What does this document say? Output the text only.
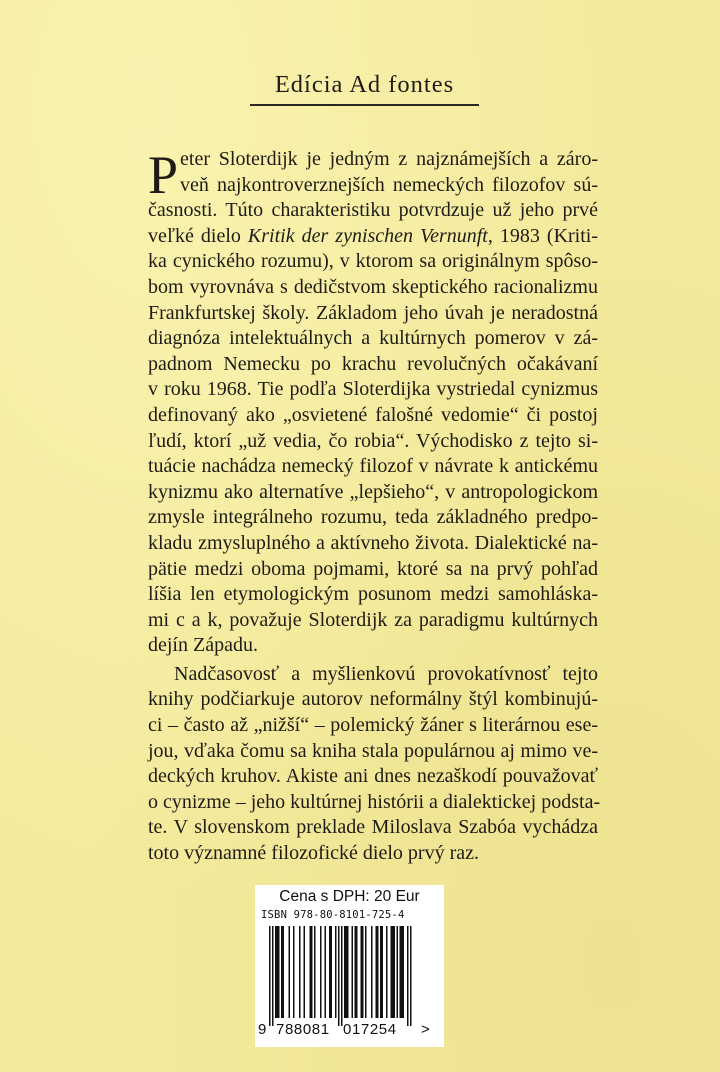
Edícia Ad fontes
P eter Sloterdijk je jedným z najznámejších a záro-
veň najkontroverznejších nemeckých filozofov sú-
časnosti. Túto charakteristiku potvrdzuje už jeho prvé
veľké dielo Kritik der zynischen Vernunft, 1983 (Kriti-
ka cynického rozumu), v ktorom sa originálnym spôso-
bom vyrovnáva s dedičstvom skeptického racionalizmu
Frankfurtskej školy. Základom jeho úvah je neradostná
diagnóza intelektuálnych a kultúrnych pomerov v zá-
padnom Nemecku po krachu revolučných očakávaní
v roku 1968. Tie podľa Sloterdijka vystriedal cynizmus
definovaný ako „osvietené falošné vedomie“ či postoj
ľudí, ktorí „už vedia, čo robia“. Východisko z tejto si-
tuácie nachádza nemecký filozof v návrate k antickému
kynizmu ako alternatíve „lepšieho“, v antropologickom
zmysle integrálneho rozumu, teda základného predpo-
kladu zmysluplného a aktívneho života. Dialektické na-
pätie medzi oboma pojmami, ktoré sa na prvý pohľad
líšia len etymologickým posunom medzi samohláska-
mi c a k, považuje Sloterdijk za paradigmu kultúrnych
dejín Západu.
Nadčasovosť a myšlienkovú provokatívnosť tejto
knihy podčiarkuje autorov neformálny štýl kombinujú-
ci – často až „nižší“ – polemický žáner s literárnou ese-
jou, vďaka čomu sa kniha stala populárnou aj mimo ve-
deckých kruhov. Akiste ani dnes nezaškodí pouvažovať
o cynizme – jeho kultúrnej histórii a dialektickej podsta-
te. V slovenskom preklade Miloslava Szabóa vychádza
toto významné filozofické dielo prvý raz.
Cena s DPH: 20 Eur
ISBN 978-80-8101-725-4
9 788081 017254 >
